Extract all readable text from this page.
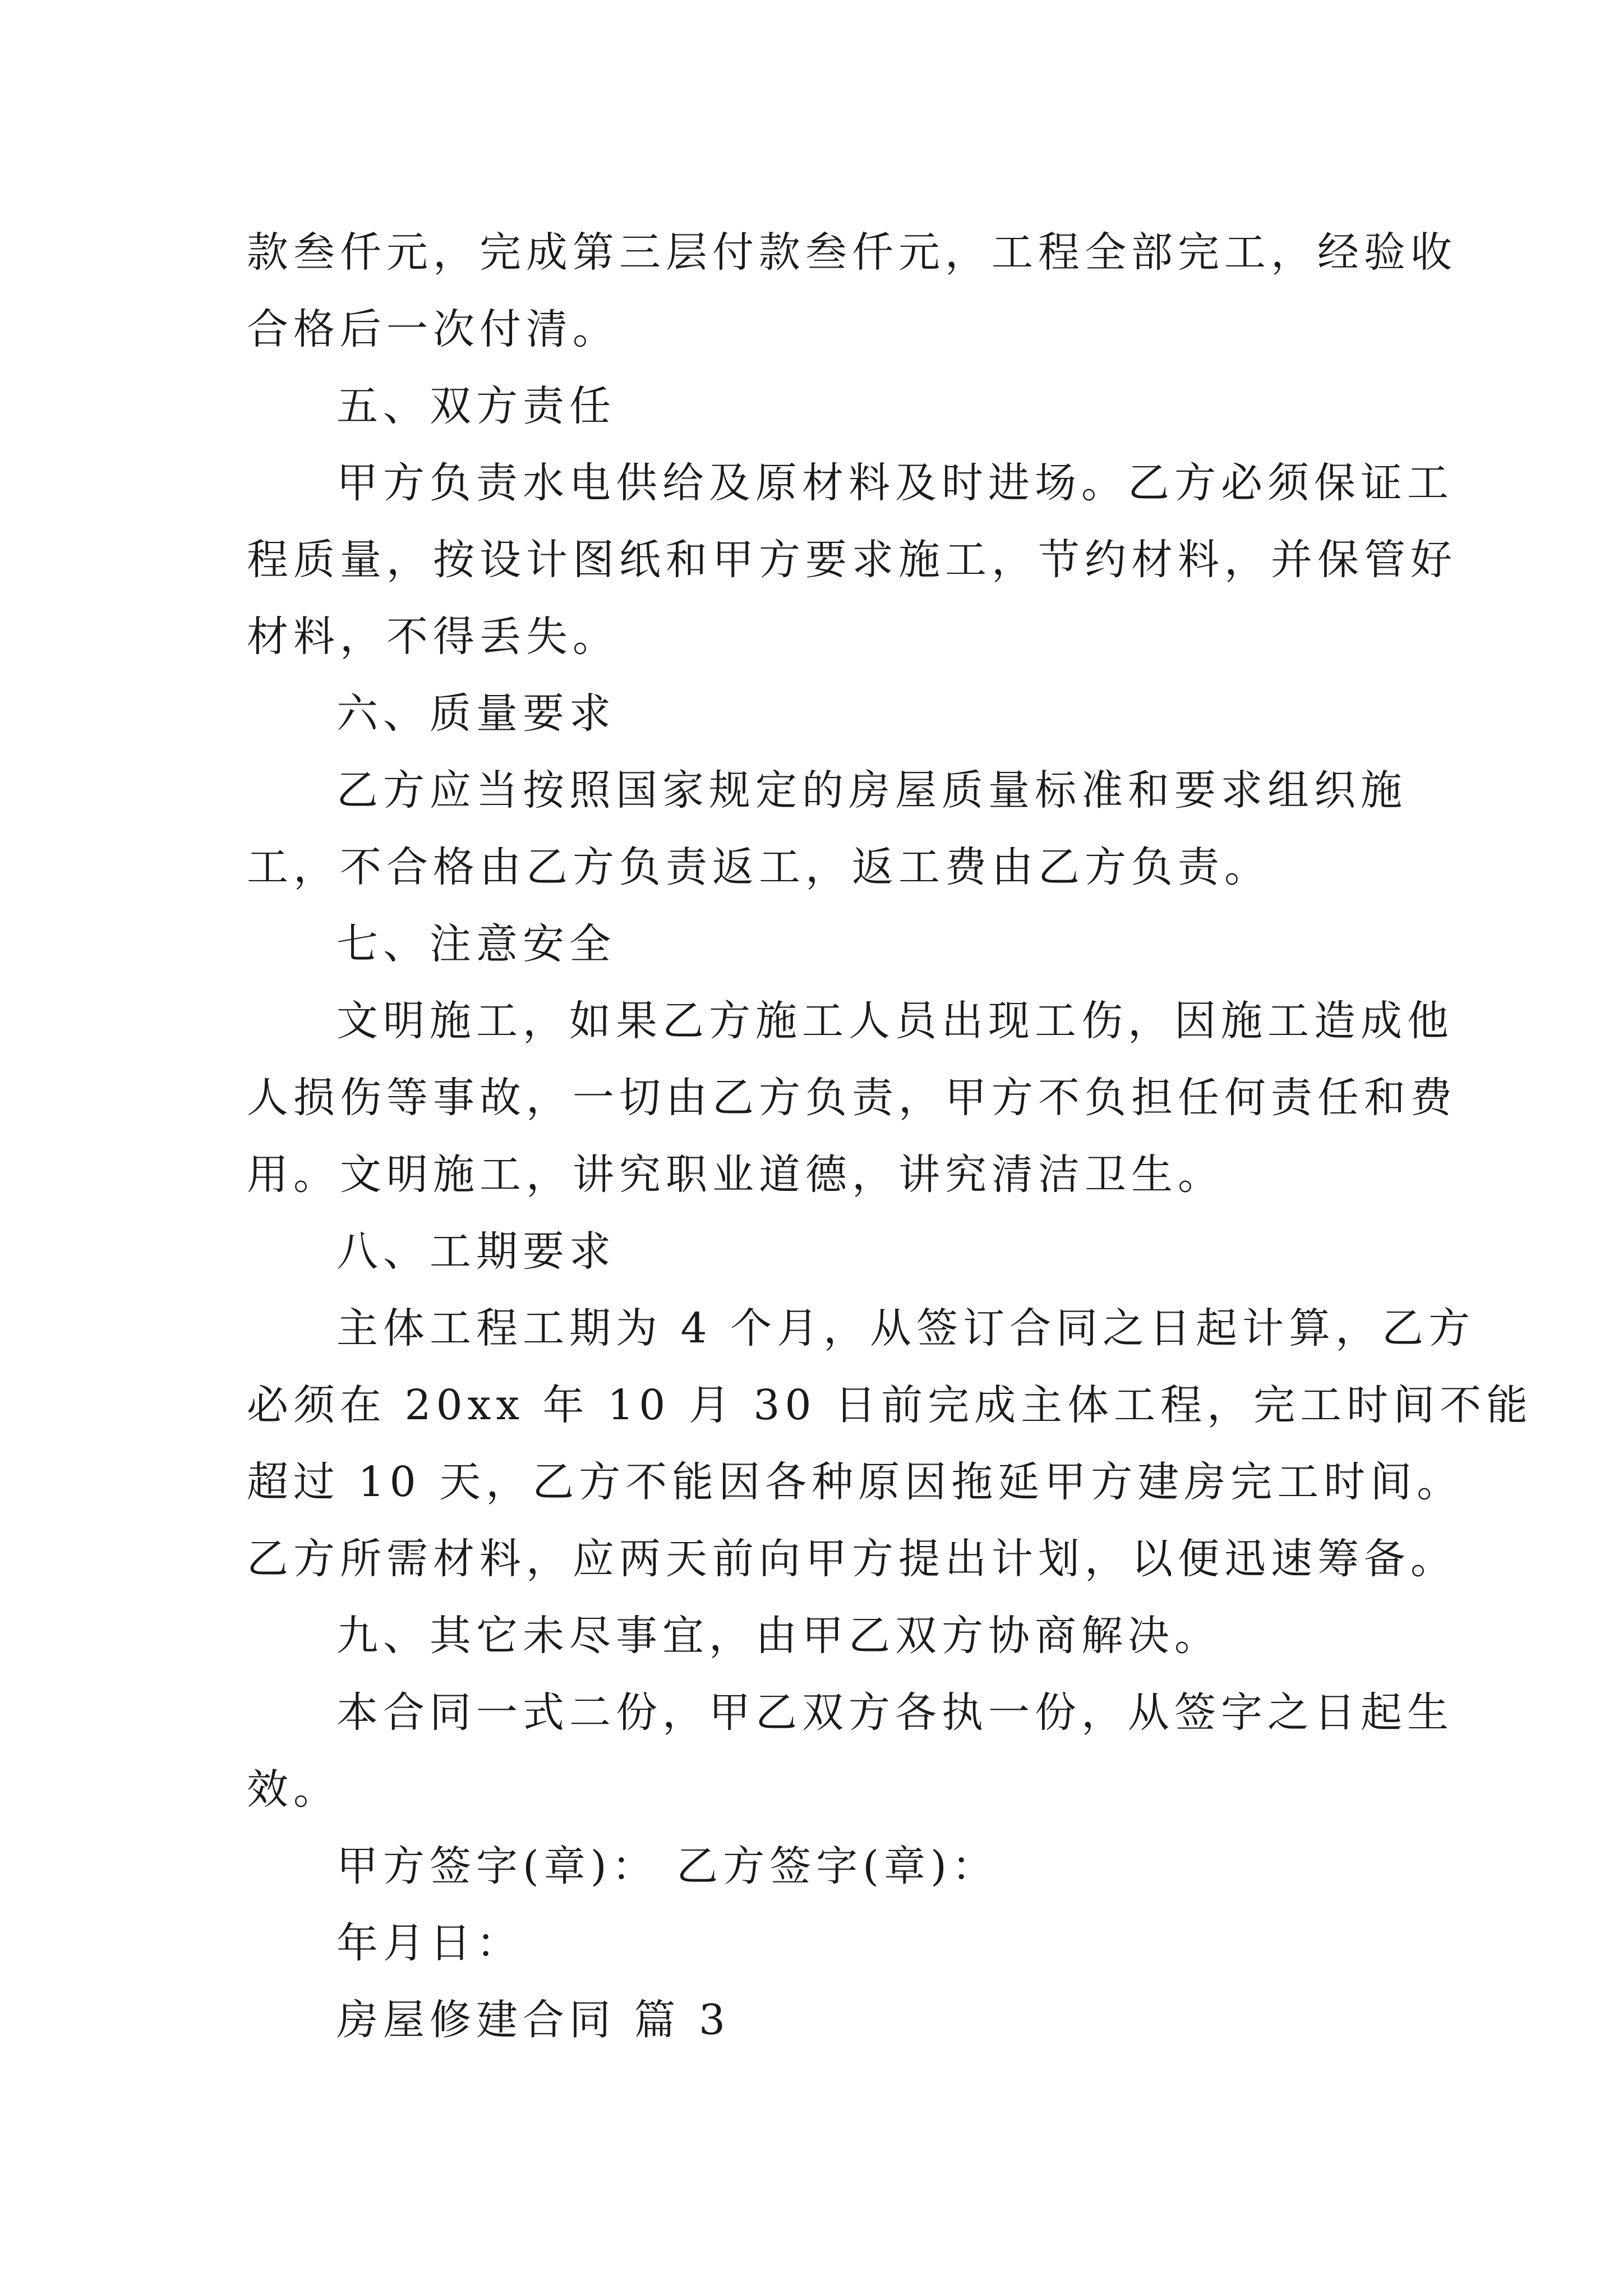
款叁仟元，完成第三层付款叁仟元，工程全部完工，经验收
合格后一次付清。
五、双方责任
甲方负责水电供给及原材料及时进场。乙方必须保证工
程质量，按设计图纸和甲方要求施工，节约材料，并保管好
材料，不得丢失。
六、质量要求
乙方应当按照国家规定的房屋质量标准和要求组织施
工，不合格由乙方负责返工，返工费由乙方负责。
七、注意安全
文明施工，如果乙方施工人员出现工伤，因施工造成他
人损伤等事故，一切由乙方负责，甲方不负担任何责任和费
用。文明施工，讲究职业道德，讲究清洁卫生。
八、工期要求
主体工程工期为 4 个月，从签订合同之日起计算，乙方
必须在 20xx 年 10 月 30 日前完成主体工程，完工时间不能
超过 10 天，乙方不能因各种原因拖延甲方建房完工时间。
乙方所需材料，应两天前向甲方提出计划，以便迅速筹备。
九、其它未尽事宜，由甲乙双方协商解决。
本合同一式二份，甲乙双方各执一份，从签字之日起生
效。
甲方签字(章)： 乙方签字(章)：
年月日：
房屋修建合同 篇 3
